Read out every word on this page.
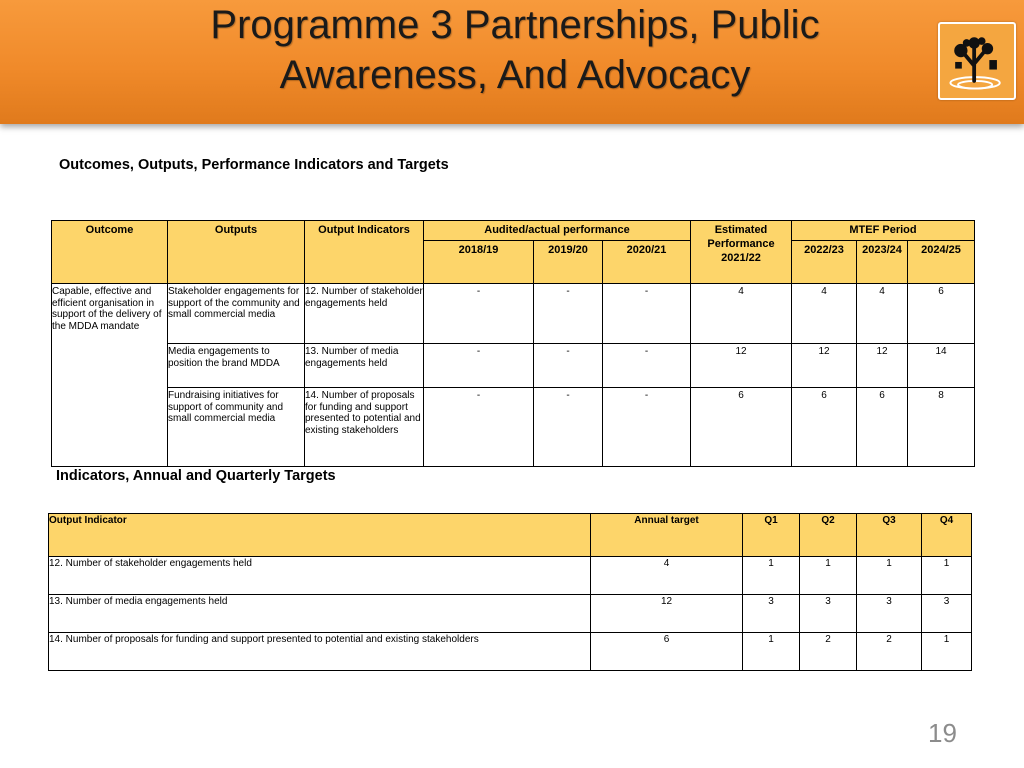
Programme 3 Partnerships, Public
Awareness, And Advocacy
Outcomes, Outputs, Performance Indicators and Targets
Outcome	Outputs	Output Indicators	Audited/actual performance			Estimated Performance 2021/22	MTEF Period		
			2018/19	2019/20	2020/21		2022/23	2023/24	2024/25
Capable, effective and efficient organisation in support of the delivery of the MDDA mandate	Stakeholder engagements for support of the community and small commercial media	12. Number of stakeholder engagements held	-	-	-	4	4	4	6
	Media engagements to position the brand MDDA	13. Number of media engagements held	-	-	-	12	12	12	14
	Fundraising initiatives for support of community and small commercial media	14. Number of proposals for funding and support presented to potential and existing stakeholders	-	-	-	6	6	6	8
Indicators, Annual and Quarterly Targets
Output Indicator	Annual target	Q1	Q2	Q3	Q4
12. Number of stakeholder engagements held	4	1	1	1	1
13. Number of media engagements held	12	3	3	3	3
14. Number of proposals for funding and support presented to potential and existing stakeholders	6	1	2	2	1
19
